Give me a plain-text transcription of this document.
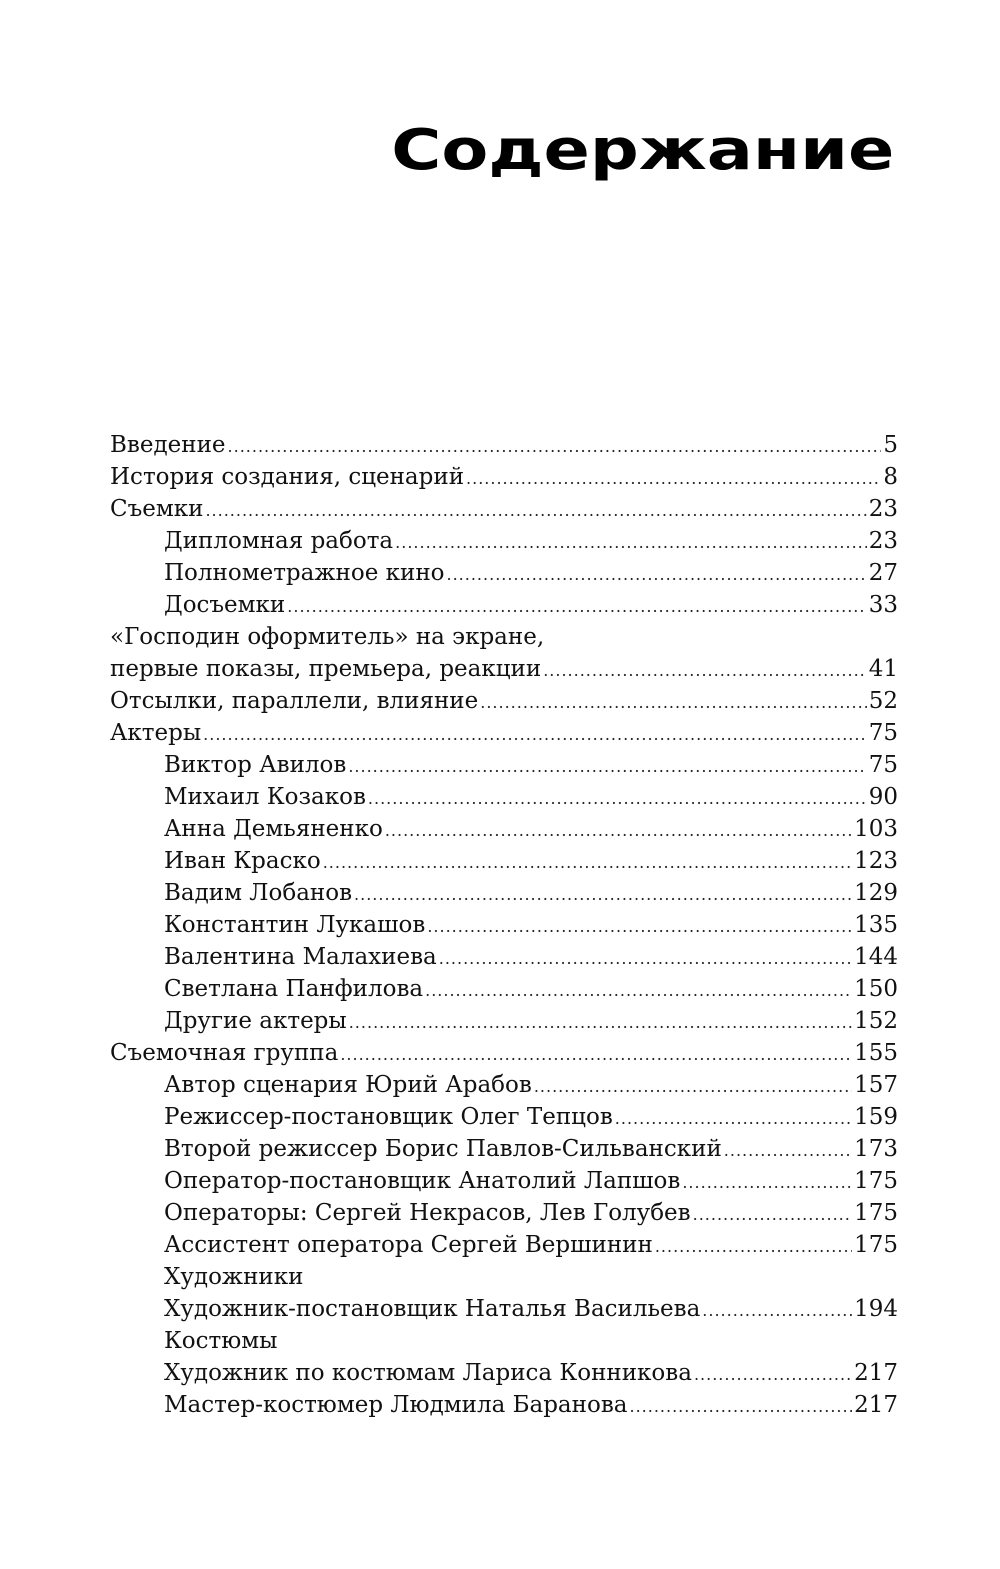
Содержание
Введение .....	5
История создания, сценарий .....	8
Съемки .....	23
Дипломная работа .....	23
Полнометражное кино .....	27
Досъемки .....	33
«Господин оформитель» на экране,
первые показы, премьера, реакции .....	41
Отсылки, параллели, влияние .....	52
Актеры .....	75
Виктор Авилов .....	75
Михаил Козаков .....	90
Анна Демьяненко .....	103
Иван Краско .....	123
Вадим Лобанов .....	129
Константин Лукашов .....	135
Валентина Малахиева .....	144
Светлана Панфилова .....	150
Другие актеры .....	152
Съемочная группа .....	155
Автор сценария Юрий Арабов .....	157
Режиссер-постановщик Олег Тепцов .....	159
Второй режиссер Борис Павлов-Сильванский .....	173
Оператор-постановщик Анатолий Лапшов .....	175
Операторы: Сергей Некрасов, Лев Голубев .....	175
Ассистент оператора Сергей Вершинин .....	175
Художники
Художник-постановщик Наталья Васильева .....	194
Костюмы
Художник по костюмам Лариса Конникова .....	217
Мастер-костюмер Людмила Баранова .....	217
